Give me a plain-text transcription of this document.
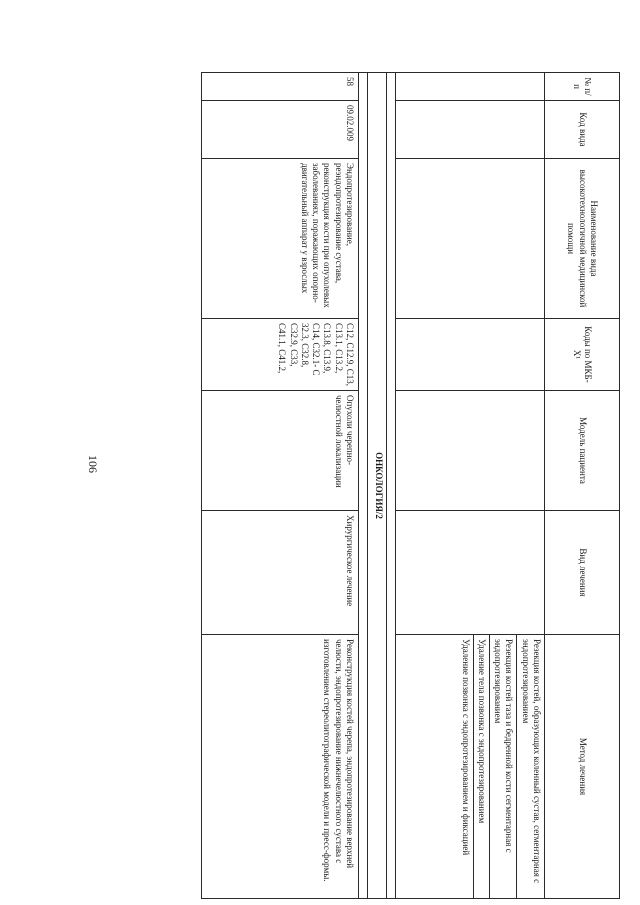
106
№ п/п	Код вида	Наименование вида высокотехнологичной медицинской помощи	Коды по МКБ-X¹	Модель пациента	Вид лечения	Метод лечения

						Резекция костей, образующих коленный сустав, сегментарная с эндопротезированием
Резекция костей таза и бедренной кости сегментарная с эндопротезированием
Удаление тела позвонка с эндопротезированием
Удаление позвонка с эндопротезированием и фиксацией

ОНКОЛОГИЯ/2						

58	09.02.009	Эндопротезирование, реэндопротезирование сустава, реконструкция кости при опухолевых заболеваниях, поражающих опорно-двигательный аппарат у взрослых	C12, C12.9, C13, C13.1, C13.2, C13.8, C13.9, C14, C32.1- C 32.3, C32.8, C32.9, C33, C41.1, C41.2,	Опухоли черепно-челюстной локализации	Хирургическое лечение	Реконструкция костей черепа, эндопротезирование верхней челюсти, эндопротезирование нижнечелюстного сустава с изготовлением стереолитографической модели и пресс-формы.
